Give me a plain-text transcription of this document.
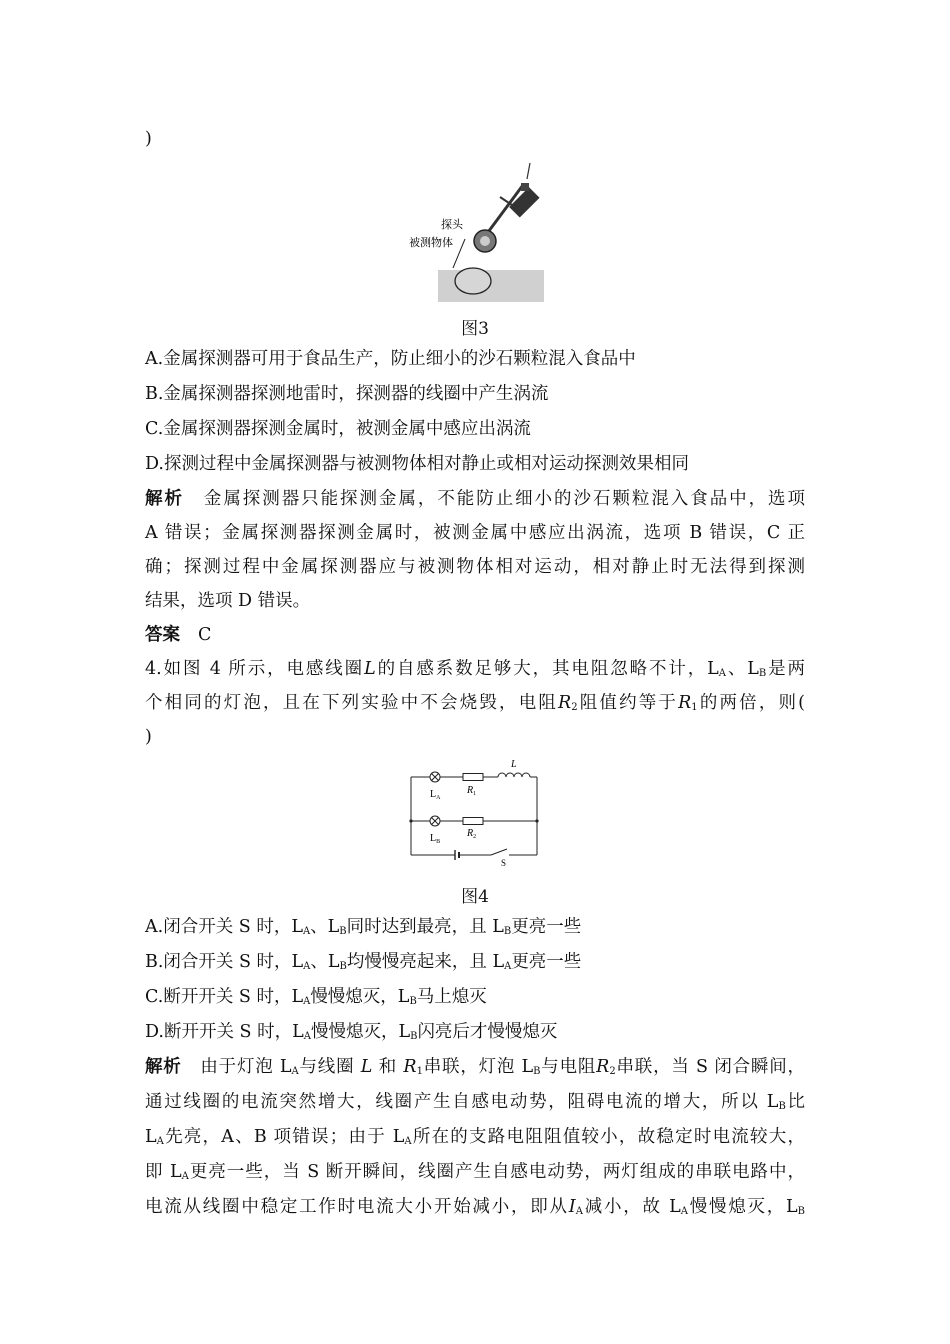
)
探头
被测物体
图3
A.金属探测器可用于食品生产，防止细小的沙石颗粒混入食品中
B.金属探测器探测地雷时，探测器的线圈中产生涡流
C.金属探测器探测金属时，被测金属中感应出涡流
D.探测过程中金属探测器与被测物体相对静止或相对运动探测效果相同
解析 金属探测器只能探测金属，不能防止细小的沙石颗粒混入食品中，选项
A 错误；金属探测器探测金属时，被测金属中感应出涡流，选项 B 错误，C 正
确；探测过程中金属探测器应与被测物体相对运动，相对静止时无法得到探测
结果，选项 D 错误。
答案 C
4.如图 4 所示，电感线圈L的自感系数足够大，其电阻忽略不计，$L_A$、$L_B$是两
个相同的灯泡，且在下列实验中不会烧毁，电阻$R_2$阻值约等于$R_1$的两倍，则(
)
$L_A$
$R_1$
L
$L_B$
$R_2$
S
图4
A.闭合开关 S 时，$L_A$、$L_B$同时达到最亮，且 $L_B$更亮一些
B.闭合开关 S 时，$L_A$、$L_B$均慢慢亮起来，且 $L_A$更亮一些
C.断开开关 S 时，$L_A$慢慢熄灭，$L_B$马上熄灭
D.断开开关 S 时，$L_A$慢慢熄灭，$L_B$闪亮后才慢慢熄灭
解析 由于灯泡 $L_A$与线圈 L 和 $R_1$串联，灯泡 $L_B$与电阻$R_2$串联，当 S 闭合瞬间，
通过线圈的电流突然增大，线圈产生自感电动势，阻碍电流的增大，所以 $L_B$比
$L_A$先亮，A、B 项错误；由于 $L_A$所在的支路电阻阻值较小，故稳定时电流较大，
即 $L_A$更亮一些，当 S 断开瞬间，线圈产生自感电动势，两灯组成的串联电路中，
电流从线圈中稳定工作时电流大小开始减小，即从$I_A$减小，故 $L_A$慢慢熄灭，$L_B$
